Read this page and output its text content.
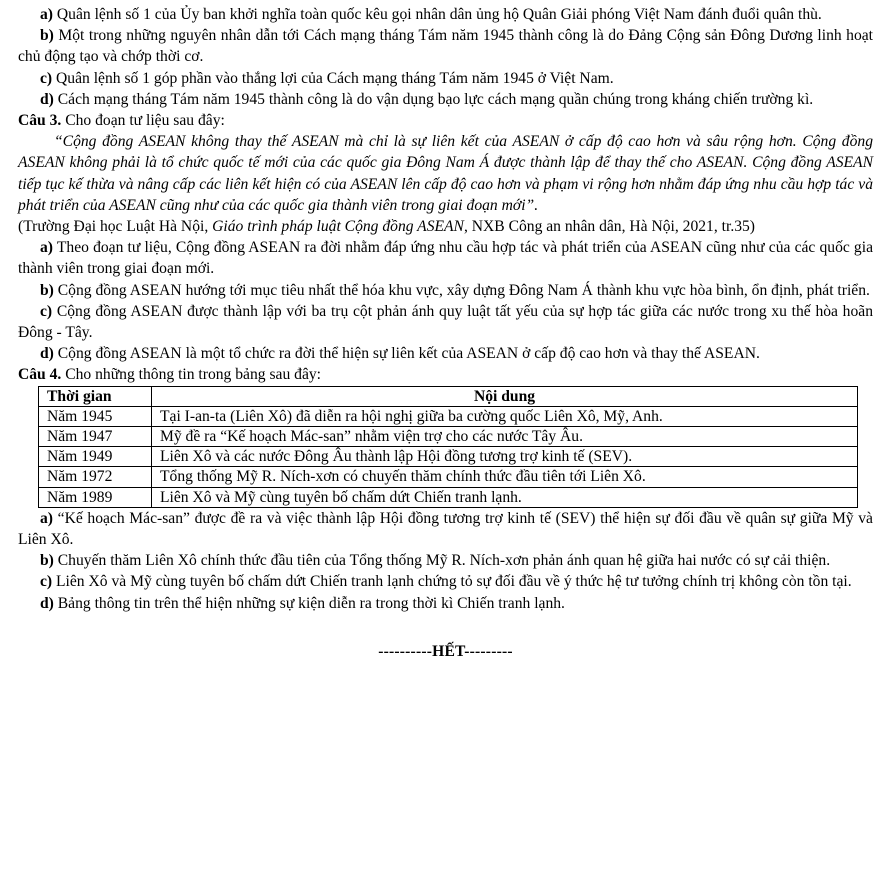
a) Quân lệnh số 1 của Ủy ban khởi nghĩa toàn quốc kêu gọi nhân dân ủng hộ Quân Giải phóng Việt Nam đánh đuổi quân thù.

b) Một trong những nguyên nhân dẫn tới Cách mạng tháng Tám năm 1945 thành công là do Đảng Cộng sản Đông Dương linh hoạt chủ động tạo và chớp thời cơ.

c) Quân lệnh số 1 góp phần vào thắng lợi của Cách mạng tháng Tám năm 1945 ở Việt Nam.

d) Cách mạng tháng Tám năm 1945 thành công là do vận dụng bạo lực cách mạng quần chúng trong kháng chiến trường kì.

Câu 3. Cho đoạn tư liệu sau đây:

“Cộng đồng ASEAN không thay thế ASEAN mà chỉ là sự liên kết của ASEAN ở cấp độ cao hơn và sâu rộng hơn. Cộng đồng ASEAN không phải là tổ chức quốc tế mới của các quốc gia Đông Nam Á được thành lập để thay thế cho ASEAN. Cộng đồng ASEAN tiếp tục kế thừa và nâng cấp các liên kết hiện có của ASEAN lên cấp độ cao hơn và phạm vi rộng hơn nhằm đáp ứng nhu cầu hợp tác và phát triển của ASEAN cũng như của các quốc gia thành viên trong giai đoạn mới”.

(Trường Đại học Luật Hà Nội, Giáo trình pháp luật Cộng đồng ASEAN, NXB Công an nhân dân, Hà Nội, 2021, tr.35)

a) Theo đoạn tư liệu, Cộng đồng ASEAN ra đời nhằm đáp ứng nhu cầu hợp tác và phát triển của ASEAN cũng như của các quốc gia thành viên trong giai đoạn mới.

b) Cộng đồng ASEAN hướng tới mục tiêu nhất thể hóa khu vực, xây dựng Đông Nam Á thành khu vực hòa bình, ổn định, phát triển.

c) Cộng đồng ASEAN được thành lập với ba trụ cột phản ánh quy luật tất yếu của sự hợp tác giữa các nước trong xu thế hòa hoãn Đông - Tây.

d) Cộng đồng ASEAN là một tổ chức ra đời thể hiện sự liên kết của ASEAN ở cấp độ cao hơn và thay thế ASEAN.

Câu 4. Cho những thông tin trong bảng sau đây:

Thời gian	Nội dung
Năm 1945	Tại I-an-ta (Liên Xô) đã diễn ra hội nghị giữa ba cường quốc Liên Xô, Mỹ, Anh.
Năm 1947	Mỹ đề ra “Kế hoạch Mác-san” nhằm viện trợ cho các nước Tây Âu.
Năm 1949	Liên Xô và các nước Đông Âu thành lập Hội đồng tương trợ kinh tế (SEV).
Năm 1972	Tổng thống Mỹ R. Ních-xơn có chuyến thăm chính thức đầu tiên tới Liên Xô.
Năm 1989	Liên Xô và Mỹ cùng tuyên bố chấm dứt Chiến tranh lạnh.

a) “Kế hoạch Mác-san” được đề ra và việc thành lập Hội đồng tương trợ kinh tế (SEV) thể hiện sự đối đầu về quân sự giữa Mỹ và Liên Xô.

b) Chuyến thăm Liên Xô chính thức đầu tiên của Tổng thống Mỹ R. Ních-xơn phản ánh quan hệ giữa hai nước có sự cải thiện.

c) Liên Xô và Mỹ cùng tuyên bố chấm dứt Chiến tranh lạnh chứng tỏ sự đối đầu về ý thức hệ tư tưởng chính trị không còn tồn tại.

d) Bảng thông tin trên thể hiện những sự kiện diễn ra trong thời kì Chiến tranh lạnh.

----------HẾT---------
